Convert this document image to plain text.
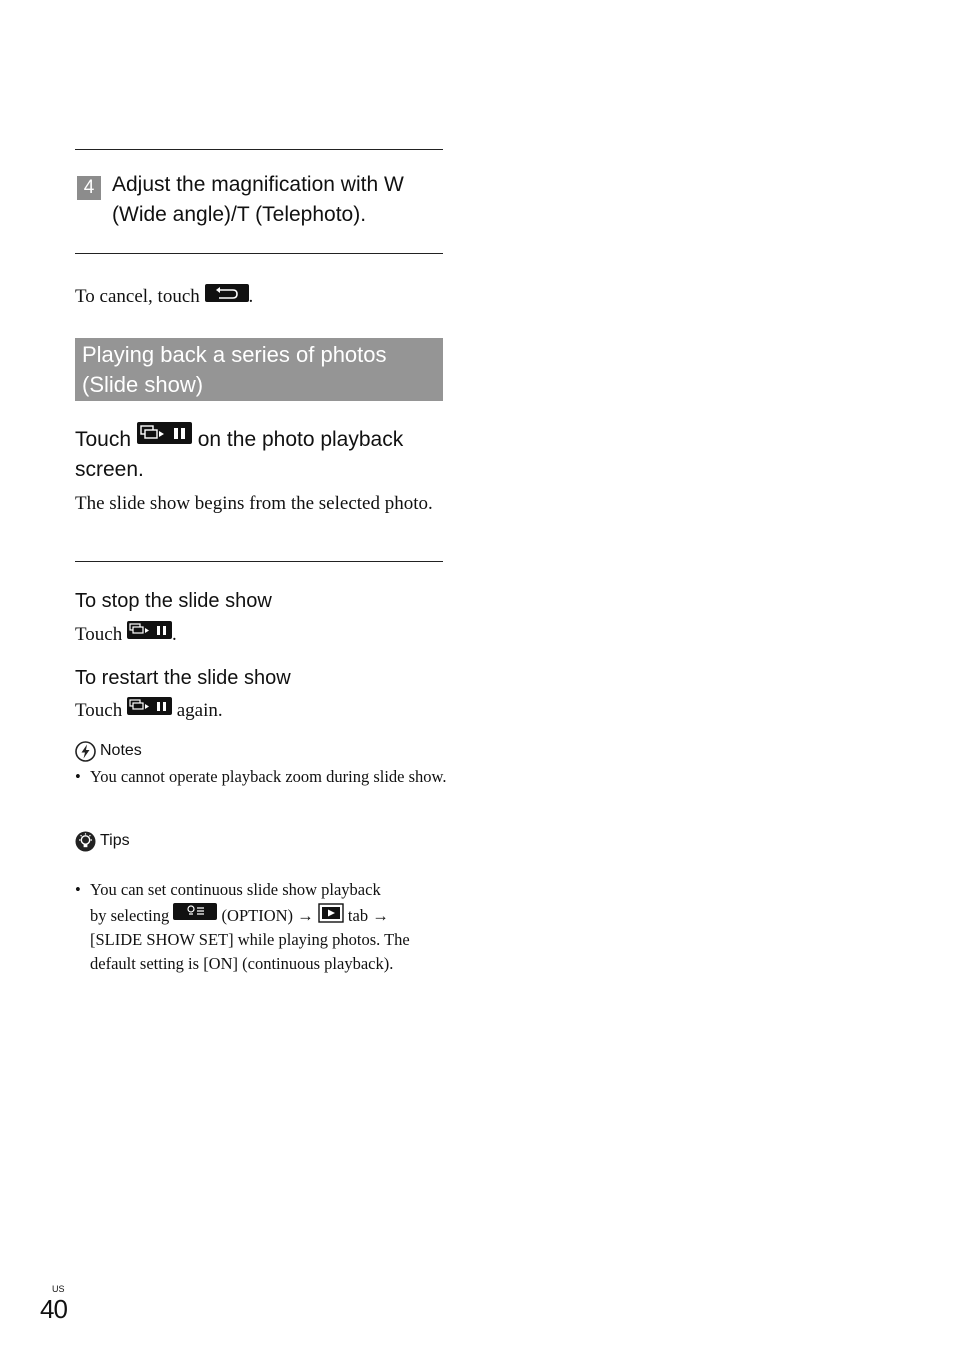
4 Adjust the magnification with W (Wide angle)/T (Telephoto).
To cancel, touch	.
Playing back a series of photos (Slide show)
Touch	on the photo playback screen.
The slide show begins from the selected photo.
To stop the slide show
Touch	.
To restart the slide show
Touch	again.
Notes
• You cannot operate playback zoom during slide show.
Tips
• You can set continuous slide show playback
by selecting	(OPTION) → tab →
[SLIDE SHOW SET] while playing photos. The
default setting is [ON] (continuous playback).
US
40
